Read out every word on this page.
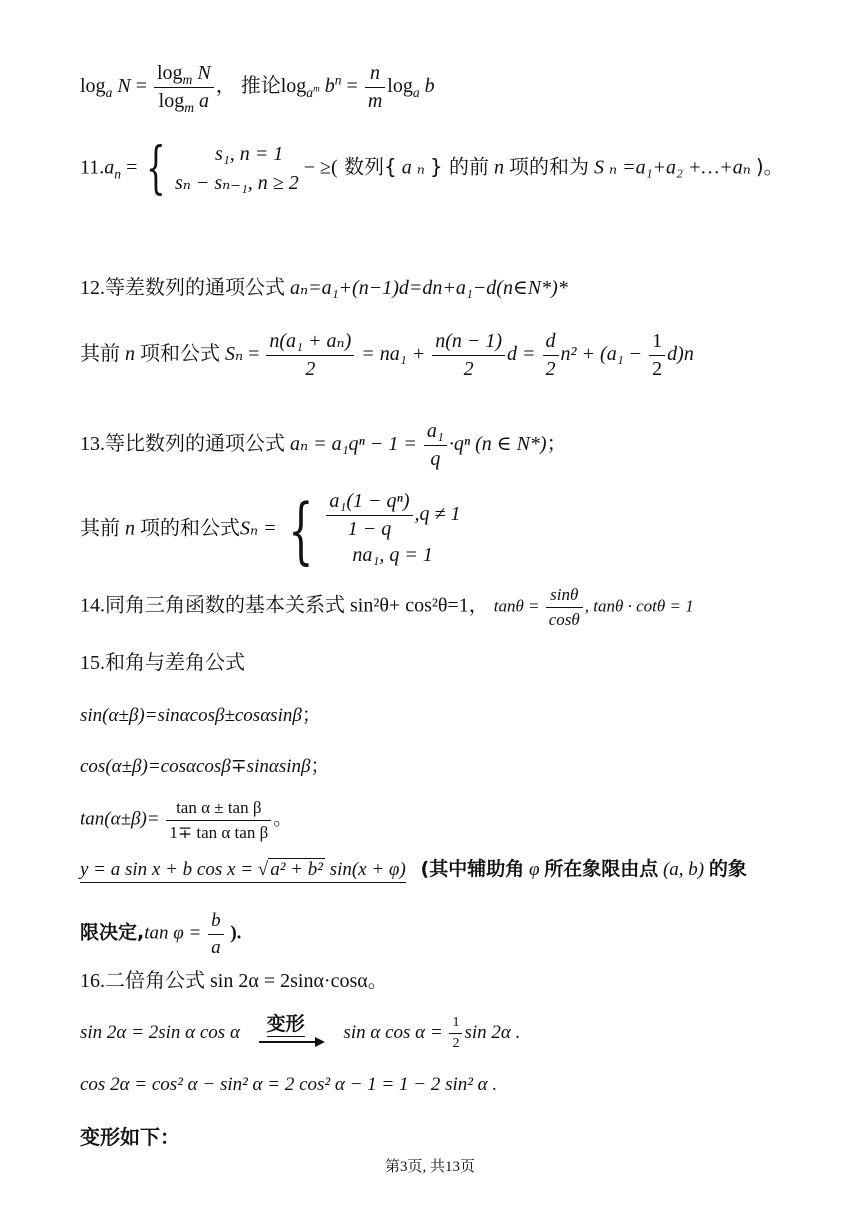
$\log_a N = \frac{\log_m N}{\log_m a}$ ， 推论$\log_{a^m} b^n = \frac{n}{m} \log_a b$
$11.a_n$ = {	s₁, n = 1
sₙ − sₙ₋₁, n ≥ 2
− ≥( 数列{ a ₙ } 的前 n 项的和为 S ₙ =a₁+a₂ +…+aₙ )。
12.等差数列的通项公式 aₙ=a₁+(n−1)d=dn+a₁−d(n∈N*)*
其前 n 项和公式 $S_n = \frac{\text{n(a₁ + aₙ)}}{2} = na_1 + \frac{n(n - 1)}{2}$ $d = \frac{d}{2} n^2 + (a_1 - \frac{1}{2} d)n$
13.等比数列的通项公式 $a_n = a_1q^n - 1 = \frac{\text{a₁}}{q} \cdot q^n$ (n ∈ N*)；
其前 n 项的和公式Sₙ = { $\frac{\text{a₁(1 − qⁿ)}}{1 - q} ,q \ne 1$
na₁, q = 1
14.同角三角函数的基本关系式 sin²θ+ cos²θ=1， $\tan\theta = \frac{\sin\theta}{\cos\theta}$ , tanθ · cotθ = 1
15.和角与差角公式
sin(α±β)=sinαcosβ±cosαsinβ；
cos(α±β)=cosαcosβ∓sinαsinβ；
$\tan(\alpha\pm\beta)= \frac{\text{tan α ± tan β}}{\text{1∓ tan α tan β}}$ 。
y = a sin x + b cos x = √ a² + b² sin(x + φ) (其中辅助角 φ 所在象限由点 (a, b) 的象
限决定,tan $\varphi = \frac{b}{a}$ ).
16.二倍角公式 sin 2α = 2sinα·cosα。
sin 2α = 2sin α cos α 变形 sin α $\cos \alpha = \frac{1}{2}$ sin 2α .
cos 2α = cos² α − sin² α = 2 cos² α − 1 = 1 − 2 sin² α .
变形如下：
第3页, 共13页
